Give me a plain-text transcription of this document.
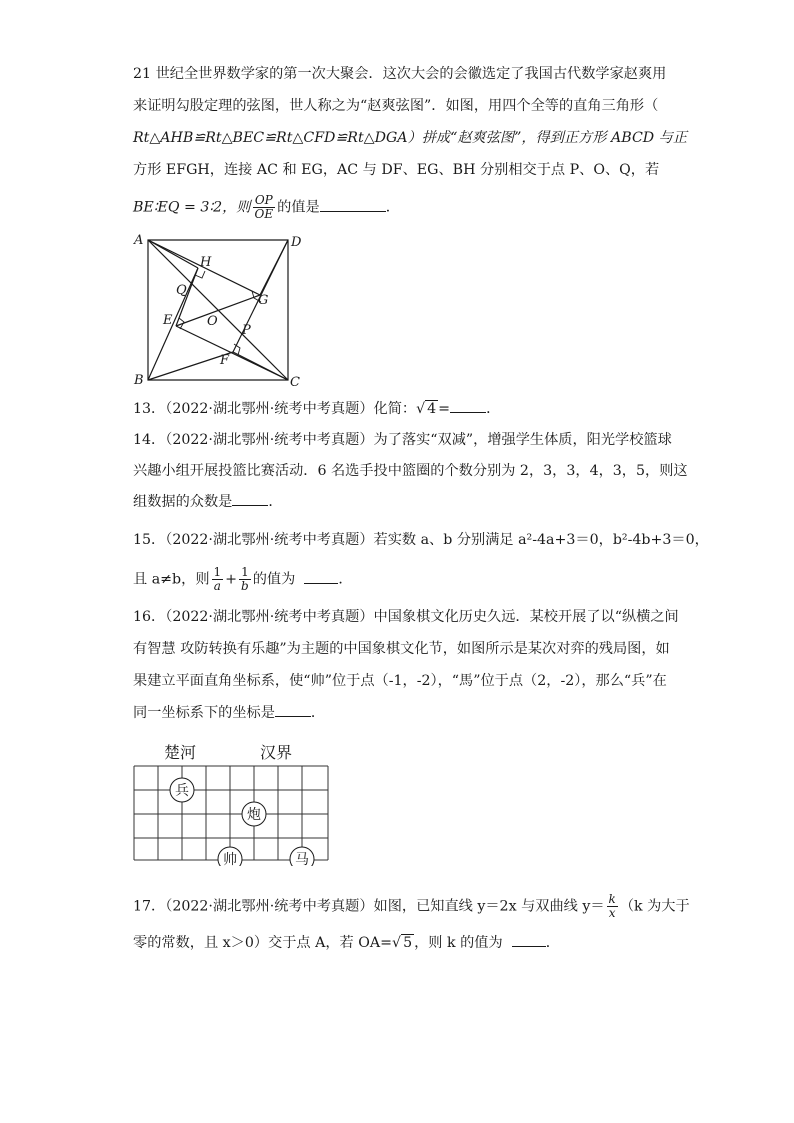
21 世纪全世界数学家的第一次大聚会．这次大会的会徽选定了我国古代数学家赵爽用
来证明勾股定理的弦图，世人称之为“赵爽弦图”．如图，用四个全等的直角三角形（
Rt△AHB≌Rt△BEC≌Rt△CFD≌Rt△DGA）拼成“赵爽弦图”，得到正方形 ABCD 与正
方形 EFGH，连接 AC 和 EG，AC 与 DF、EG、BH 分别相交于点 P、O、Q，若
BE∶EQ = 3∶2，则 $\frac{OP}{OE}$ 的值是	．
A	D
B	C
H
Q
G
E	O
P
F
13．（2022·湖北鄂州·统考中考真题）化简：√ 4 =	．
14．（2022·湖北鄂州·统考中考真题）为了落实“双减”，增强学生体质，阳光学校篮球
兴趣小组开展投篮比赛活动．6 名选手投中篮圈的个数分别为 2，3，3，4，3，5，则这
组数据的众数是	．
15．（2022·湖北鄂州·统考中考真题）若实数 a、b 分别满足 a²-4a+3＝0，b²-4b+3＝0，
且 a≠b，则 $\frac{1}{a} + \frac{1}{b}$ 的值为	．
16．（2022·湖北鄂州·统考中考真题）中国象棋文化历史久远．某校开展了以“纵横之间
有智慧 攻防转换有乐趣”为主题的中国象棋文化节，如图所示是某次对弈的残局图，如
果建立平面直角坐标系，使“帅”位于点（-1，-2），“馬”位于点（2，-2），那么“兵”在
同一坐标系下的坐标是	．
楚河	汉界
兵
炮
帅	马
17．（2022·湖北鄂州·统考中考真题）如图，已知直线 y＝2x 与双曲线 $y= \frac{k}{x} (k$ 为大于
零的常数，且 x＞0）交于点 A，若 OA=√ 5 ，则 k 的值为	．
